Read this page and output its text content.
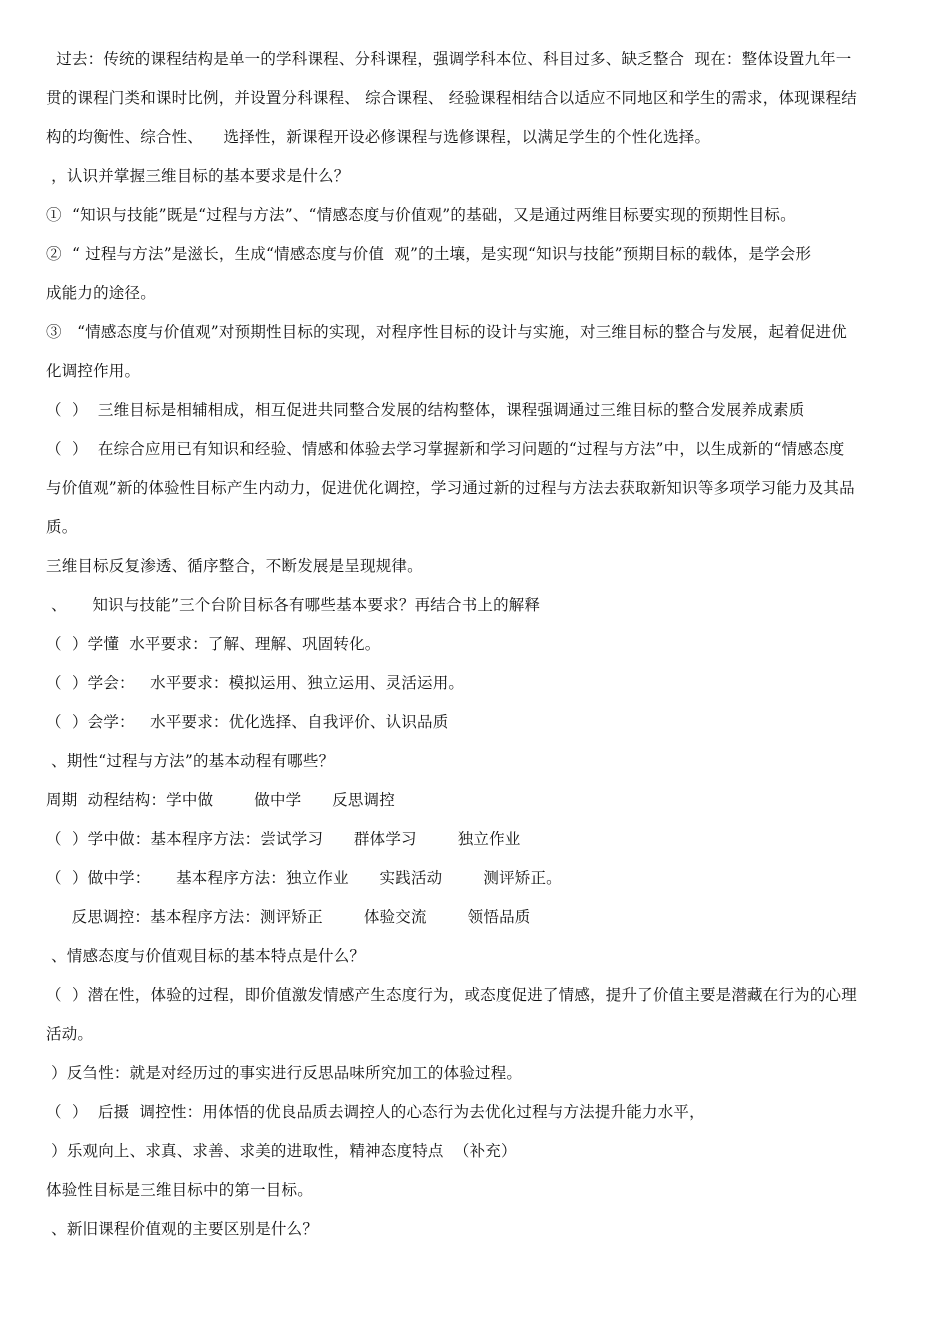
过去：传统的课程结构是单一的学科课程、分科课程，强调学科本位、科目过多、缺乏整合  现在：整体设置九年一
贯的课程门类和课时比例，并设置分科课程、 综合课程、 经验课程相结合以适应不同地区和学生的需求，体现课程结
构的均衡性、综合性、    选择性，新课程开设必修课程与选修课程，以满足学生的个性化选择。
，认识并掌握三维目标的基本要求是什么？
①  “知识与技能”既是“过程与方法”、“情感态度与价值观”的基础，又是通过两维目标要实现的预期性目标。
②  “ 过程与方法”是滋长，生成“情感态度与价值  观”的土壤，是实现“知识与技能”预期目标的载体，是学会形
成能力的途径。
③   “情感态度与价值观”对预期性目标的实现，对程序性目标的设计与实施，对三维目标的整合与发展，起着促进优
化调控作用。
（  ）  三维目标是相辅相成，相互促进共同整合发展的结构整体，课程强调通过三维目标的整合发展养成素质
（  ）  在综合应用已有知识和经验、情感和体验去学习掌握新和学习问题的“过程与方法”中，以生成新的“情感态度
与价值观”新的体验性目标产生内动力，促进优化调控，学习通过新的过程与方法去获取新知识等多项学习能力及其品
质。
三维目标反复渗透、循序整合，不断发展是呈现规律。
、     知识与技能”三个台阶目标各有哪些基本要求？再结合书上的解释
（  ）学懂  水平要求：了解、理解、巩固转化。
（  ）学会：   水平要求：模拟运用、独立运用、灵活运用。
（  ）会学：   水平要求：优化选择、自我评价、认识品质
、期性“过程与方法”的基本动程有哪些？
周期  动程结构：学中做        做中学      反思调控
（  ）学中做：基本程序方法：尝试学习      群体学习        独立作业
（  ）做中学：     基本程序方法：独立作业      实践活动        测评矫正。
反思调控：基本程序方法：测评矫正        体验交流        领悟品质
、情感态度与价值观目标的基本特点是什么？
（  ）潜在性，体验的过程，即价值激发情感产生态度行为，或态度促进了情感，提升了价值主要是潜藏在行为的心理
活动。
）反刍性：就是对经历过的事实进行反思品味所究加工的体验过程。
（  ）  后摄  调控性：用体悟的优良品质去调控人的心态行为去优化过程与方法提升能力水平，
）乐观向上、求真、求善、求美的进取性，精神态度特点  （补充）
体验性目标是三维目标中的第一目标。
、新旧课程价值观的主要区别是什么？
